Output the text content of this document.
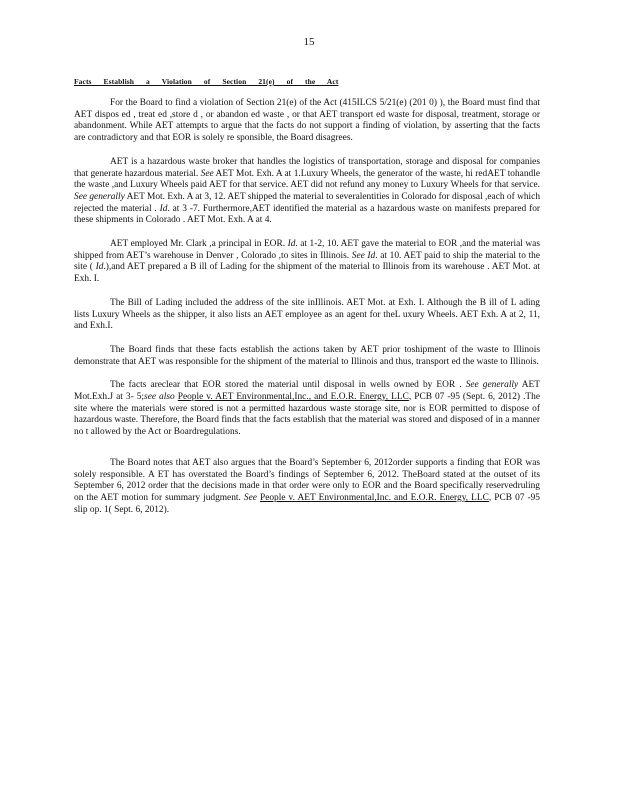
15
Facts Establish a Violation of Section 21(e) of the Act

For the Board to find a violation of Section 21(e) of the Act (415ILCS 5/21(e) (201 0) ), the Board must find that AET dispos ed , treat ed ,store d , or abandon ed waste , or that AET transport ed waste for disposal, treatment, storage or abandonment. While AET attempts to argue that the facts do not support a finding of violation, by asserting that the facts are contradictory and that EOR is solely re sponsible, the Board disagrees.

AET is a hazardous waste broker that handles the logistics of transportation, storage and disposal for companies that generate hazardous material. See AET Mot. Exh. A at 1.Luxury Wheels, the generator of the waste, hi redAET tohandle the waste ,and Luxury Wheels paid AET for that service. AET did not refund any money to Luxury Wheels for that service. See generally AET Mot. Exh. A at 3, 12. AET shipped the material to severalentities in Colorado for disposal ,each of which rejected the material . Id. at 3 -7. Furthermore,AET identified the material as a hazardous waste on manifests prepared for these shipments in Colorado . AET Mot. Exh. A at 4.

AET employed Mr. Clark ,a principal in EOR. Id. at 1-2, 10. AET gave the material to EOR ,and the material was shipped from AET’s warehouse in Denver , Colorado ,to sites in Illinois. See Id. at 10. AET paid to ship the material to the site ( Id.),and AET prepared a B ill of Lading for the shipment of the material to Illinois from its warehouse . AET Mot. at Exh. I.

The Bill of Lading included the address of the site inIllinois. AET Mot. at Exh. I. Although the B ill of L ading lists Luxury Wheels as the shipper, it also lists an AET employee as an agent for theL uxury Wheels. AET Exh. A at 2, 11, and Exh.I.

The Board finds that these facts establish the actions taken by AET prior toshipment of the waste to Illinois demonstrate that AET was responsible for the shipment of the material to Illinois and thus, transport ed the waste to Illinois.

The facts areclear that EOR stored the material until disposal in wells owned by EOR . See generally AET Mot.Exh.J at 3- 5;see also People v. AET Environmental,Inc., and E.O.R. Energy, LLC, PCB 07 -95 (Sept. 6, 2012) .The site where the materials were stored is not a permitted hazardous waste storage site, nor is EOR permitted to dispose of hazardous waste. Therefore, the Board finds that the facts establish that the material was stored and disposed of in a manner no t allowed by the Act or Boardregulations.

The Board notes that AET also argues that the Board’s September 6, 2012order supports a finding that EOR was solely responsible. A ET has overstated the Board’s findings of September 6, 2012. TheBoard stated at the outset of its September 6, 2012 order that the decisions made in that order were only to EOR and the Board specifically reservedruling on the AET motion for summary judgment. See People v. AET Environmental,Inc. and E.O.R. Energy, LLC, PCB 07 -95 slip op. 1( Sept. 6, 2012).
